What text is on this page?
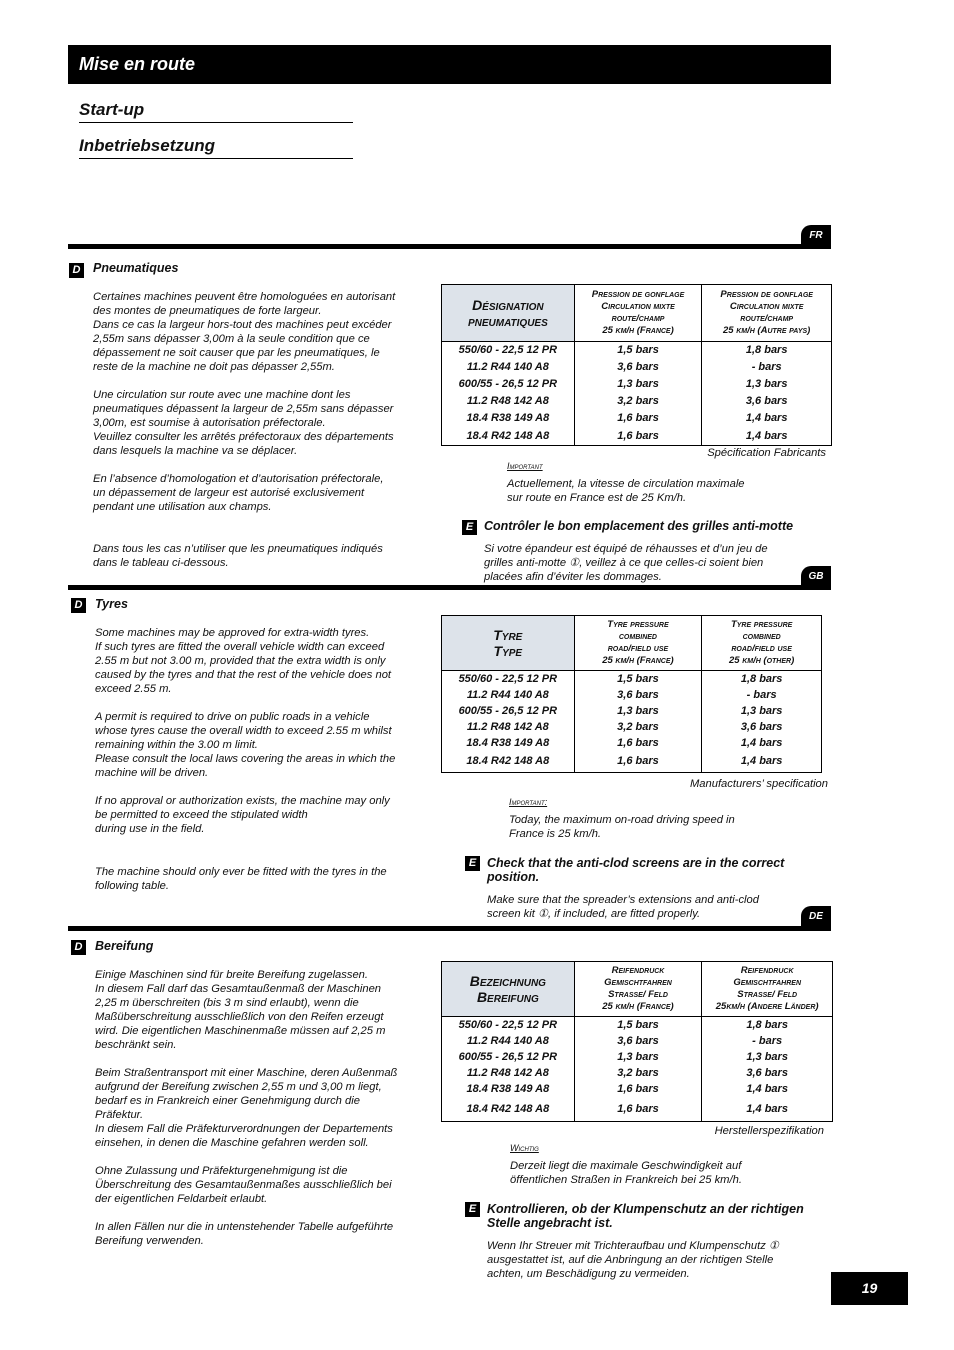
Mise en route
Start-up
Inbetriebsetzung
FR
D Pneumatiques
Certaines machines peuvent être homologuées en autorisant
des montes de pneumatiques de forte largeur.
Dans ce cas la largeur hors-tout des machines peut excéder
2,55m sans dépasser 3,00m à la seule condition que ce
dépassement ne soit causer que par les pneumatiques, le
reste de la machine ne doit pas dépasser 2,55m.
Une circulation sur route avec une machine dont les
pneumatiques dépassent la largeur de 2,55m sans dépasser
3,00m, est soumise à autorisation préfectorale.
Veuillez consulter les arrêtés préfectoraux des départements
dans lesquels la machine va se déplacer.
En l’absence d’homologation et d’autorisation préfectorale,
un dépassement de largeur est autorisé exclusivement
pendant une utilisation aux champs.
Dans tous les cas n’utiliser que les pneumatiques indiqués
dans le tableau ci-dessous.
Désignation
pneumatiques	Pression de gonflage
Circulation mixte
route/champ
25 km/h (France)	Pression de gonflage
Circulation mixte
route/champ
25 km/h (Autre pays)
550/60 - 22,5 12 PR	1,5 bars	1,8 bars
11.2 R44 140 A8	3,6 bars	- bars
600/55 - 26,5 12 PR	1,3 bars	1,3 bars
11.2 R48 142 A8	3,2 bars	3,6 bars
18.4 R38 149 A8	1,6 bars	1,4 bars
18.4 R42 148 A8	1,6 bars	1,4 bars
Spécification Fabricants
Important
Actuellement, la vitesse de circulation maximale
sur route en France est de 25 Km/h.
E Contrôler le bon emplacement des grilles anti-motte
Si votre épandeur est équipé de réhausses et d’un jeu de
grilles anti-motte ①, veillez à ce que celles-ci soient bien
placées afin d’éviter les dommages.	GB
D Tyres
Some machines may be approved for extra-width tyres.
If such tyres are fitted the overall vehicle width can exceed
2.55 m but not 3.00 m, provided that the extra width is only
caused by the tyres and that the rest of the vehicle does not
exceed 2.55 m.
A permit is required to drive on public roads in a vehicle
whose tyres cause the overall width to exceed 2.55 m whilst
remaining within the 3.00 m limit.
Please consult the local laws covering the areas in which the
machine will be driven.
If no approval or authorization exists, the machine may only
be permitted to exceed the stipulated width
during use in the field.
The machine should only ever be fitted with the tyres in the
following table.
Tyre
Type	Tyre pressure
combined
road/field use
25 km/h (France)	Tyre pressure
combined
road/field use
25 km/h (other)
550/60 - 22,5 12 PR	1,5 bars	1,8 bars
11.2 R44 140 A8	3,6 bars	- bars
600/55 - 26,5 12 PR	1,3 bars	1,3 bars
11.2 R48 142 A8	3,2 bars	3,6 bars
18.4 R38 149 A8	1,6 bars	1,4 bars
18.4 R42 148 A8	1,6 bars	1,4 bars
Manufacturers’ specification
Important:
Today, the maximum on-road driving speed in
France is 25 km/h.
E Check that the anti-clod screens are in the correct
position.
Make sure that the spreader’s extensions and anti-clod
screen kit ①, if included, are fitted properly.	DE
D Bereifung
Einige Maschinen sind für breite Bereifung zugelassen.
In diesem Fall darf das Gesamtaußenmaß der Maschinen
2,25 m überschreiten (bis 3 m sind erlaubt), wenn die
Maßüberschreitung ausschließlich von den Reifen erzeugt
wird. Die eigentlichen Maschinenmaße müssen auf 2,25 m
beschränkt sein.
Beim Straßentransport mit einer Maschine, deren Außenmaß
aufgrund der Bereifung zwischen 2,55 m und 3,00 m liegt,
bedarf es in Frankreich einer Genehmigung durch die
Präfektur.
In diesem Fall die Präfekturverordnungen der Departements
einsehen, in denen die Maschine gefahren werden soll.
Ohne Zulassung und Präfekturgenehmigung ist die
Überschreitung des Gesamtaußenmaßes ausschließlich bei
der eigentlichen Feldarbeit erlaubt.
In allen Fällen nur die in untenstehender Tabelle aufgeführte
Bereifung verwenden.
Bezeichnung
Bereifung	Reifendruck
Gemischtfahren
Straße/ Feld
25 km/h (France)	Reifendruck
Gemischtfahren
Straße/ Feld
25km/h (Andere Länder)
550/60 - 22,5 12 PR	1,5 bars	1,8 bars
11.2 R44 140 A8	3,6 bars	- bars
600/55 - 26,5 12 PR	1,3 bars	1,3 bars
11.2 R48 142 A8	3,2 bars	3,6 bars
18.4 R38 149 A8	1,6 bars	1,4 bars
18.4 R42 148 A8	1,6 bars	1,4 bars
Herstellerspezifikation
Wichtig
Derzeit liegt die maximale Geschwindigkeit auf
öffentlichen Straßen in Frankreich bei 25 km/h.
E Kontrollieren, ob der Klumpenschutz an der richtigen
Stelle angebracht ist.
Wenn Ihr Streuer mit Trichteraufbau und Klumpenschutz ①
ausgestattet ist, auf die Anbringung an der richtigen Stelle
achten, um Beschädigung zu vermeiden.
19
